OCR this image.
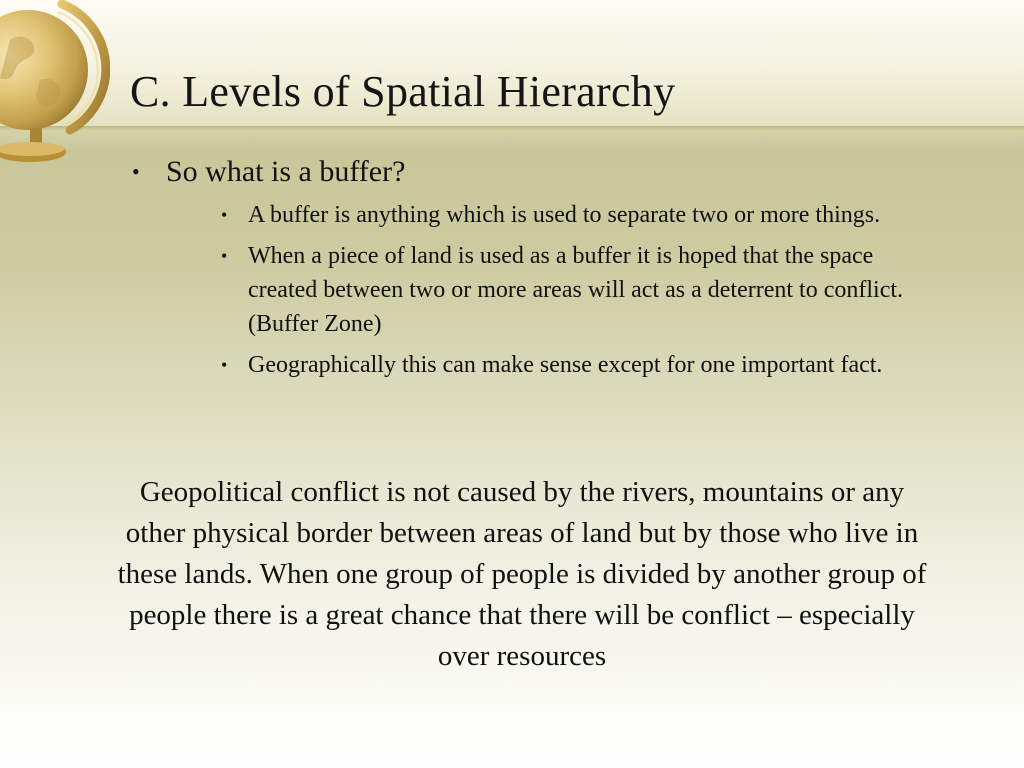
C. Levels of Spatial Hierarchy
• So what is a buffer?
• A buffer is anything which is used to separate two or more things.
• When a piece of land is used as a buffer it is hoped that the space created between two or more areas will act as a deterrent to conflict. (Buffer Zone)
• Geographically this can make sense except for one important fact.

Geopolitical conflict is not caused by the rivers, mountains or any other physical border between areas of land but by those who live in these lands. When one group of people is divided by another group of people there is a great chance that there will be conflict – especially over resources
